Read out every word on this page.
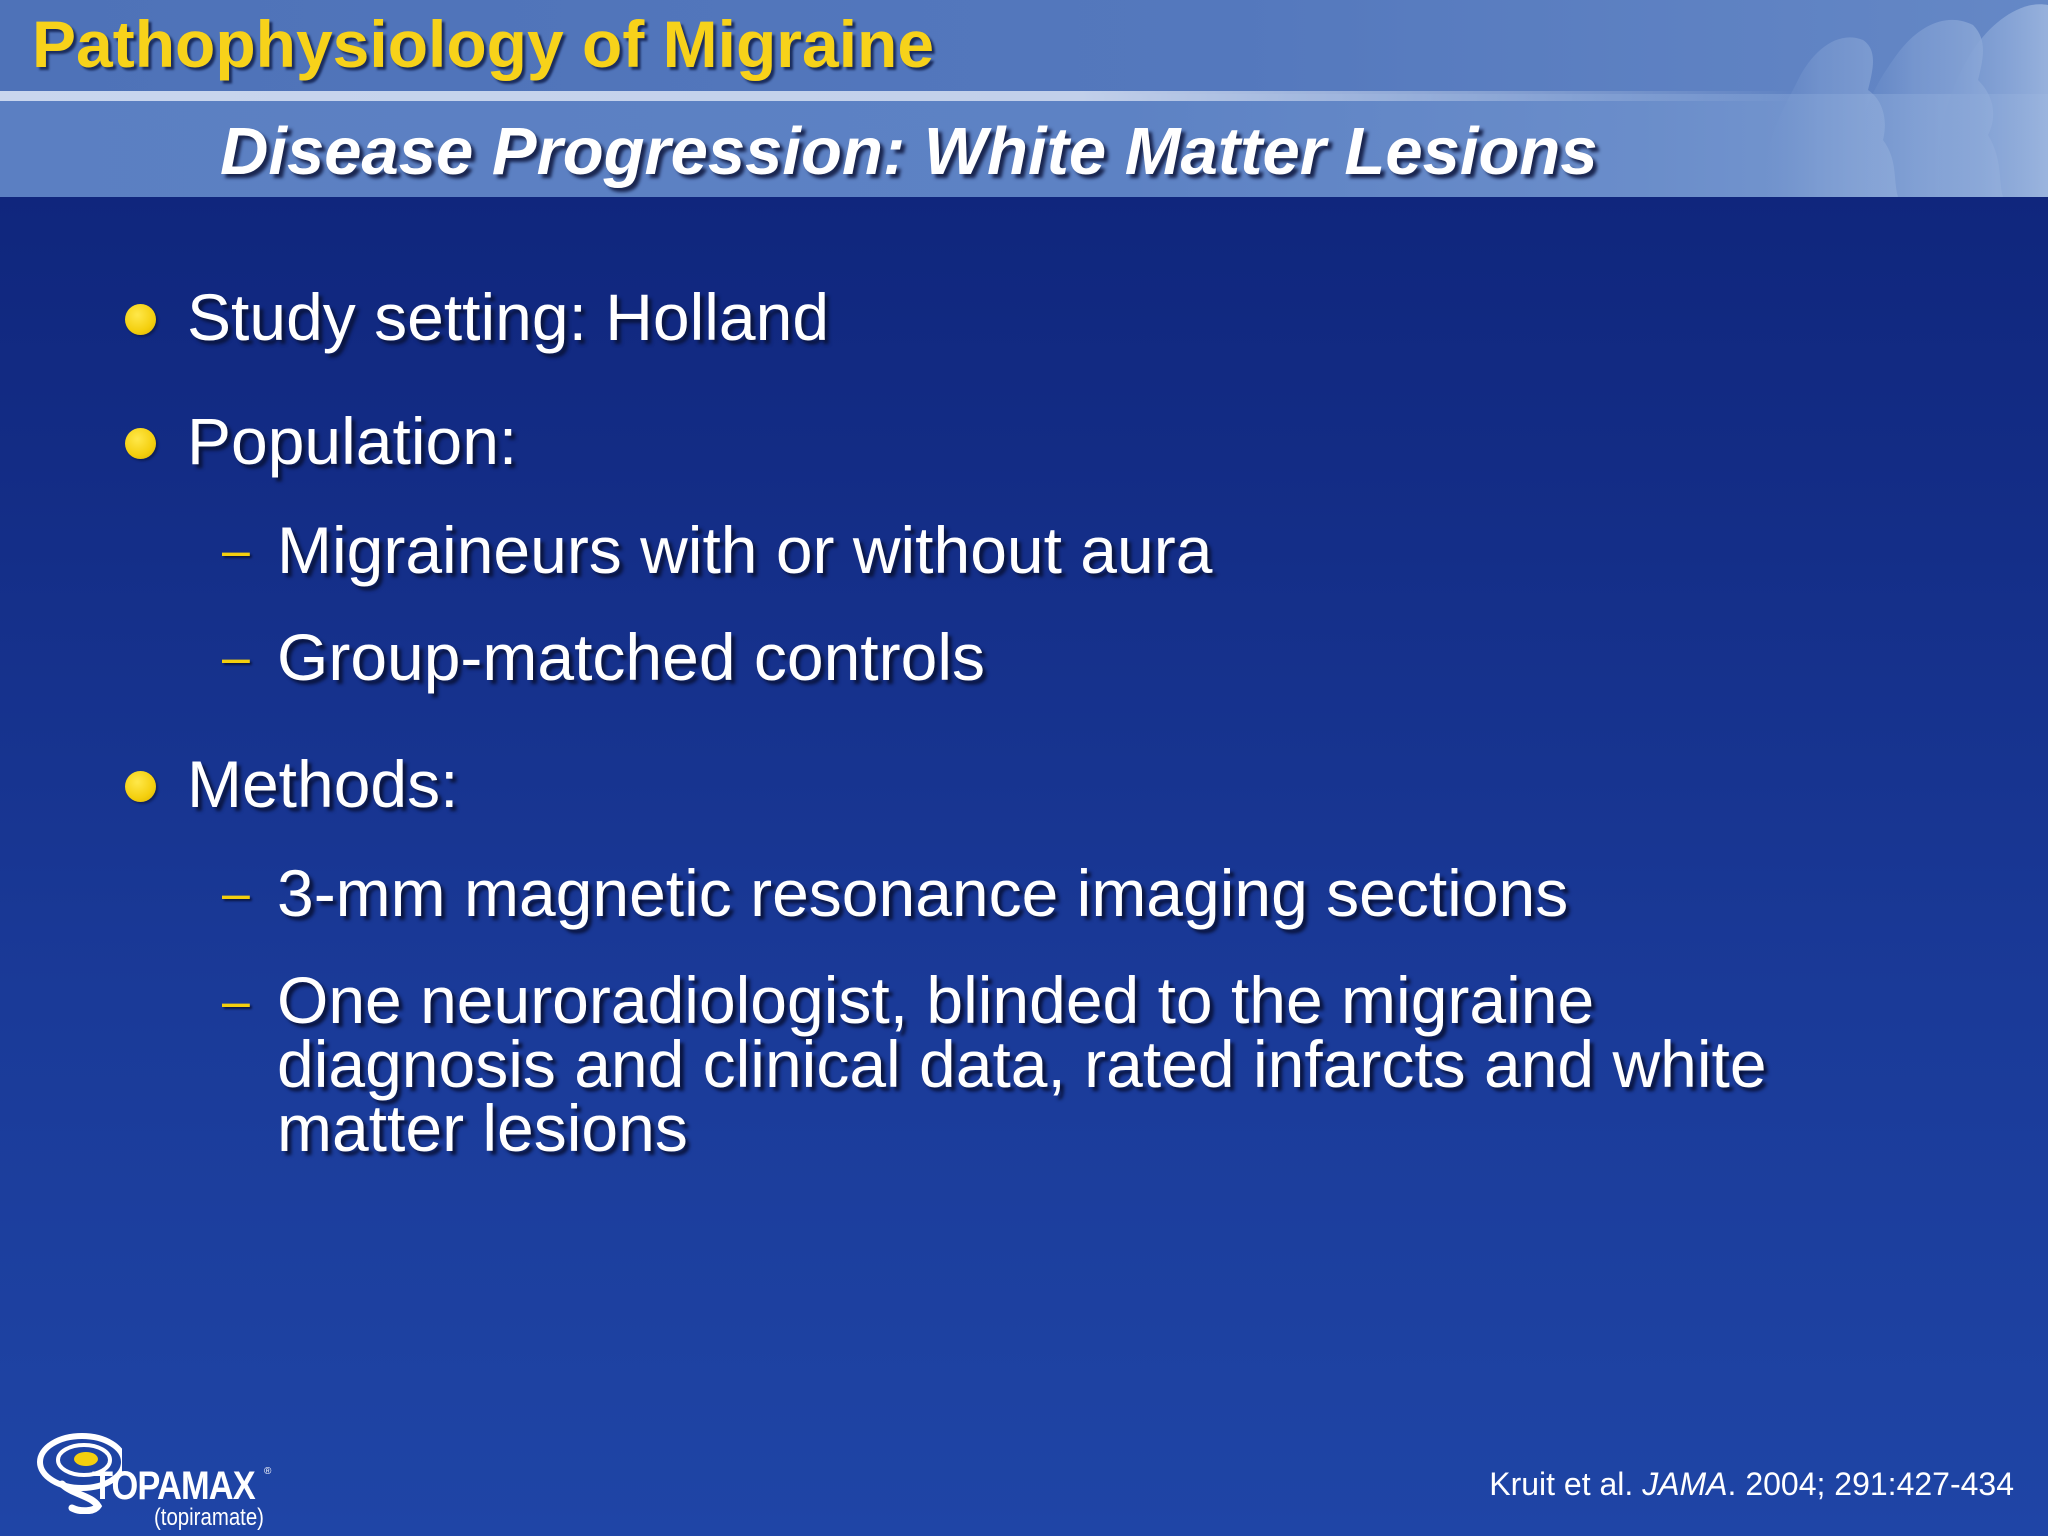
Pathophysiology of Migraine
Disease Progression: White Matter Lesions
Study setting: Holland
Population:
– Migraineurs with or without aura
– Group-matched controls
Methods:
– 3-mm magnetic resonance imaging sections
– One neuroradiologist, blinded to the migraine diagnosis and clinical data, rated infarcts and white matter lesions
TOPAMAX ®
(topiramate)
Kruit et al. JAMA. 2004; 291:427-434
